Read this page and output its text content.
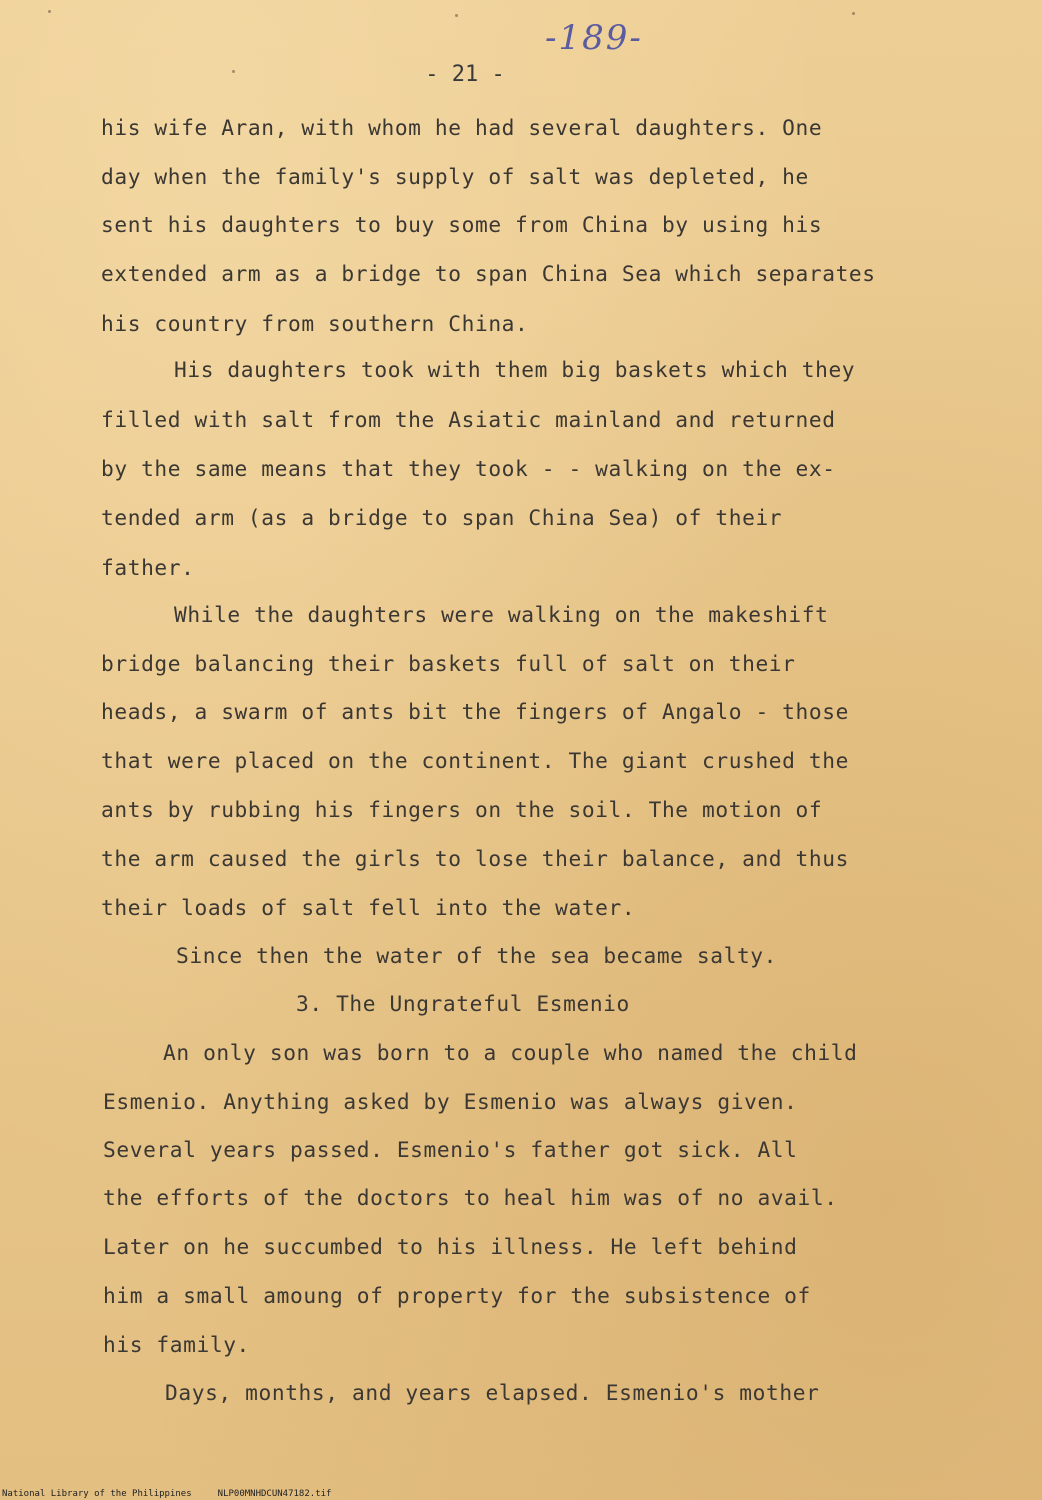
-189-
- 21 -
his wife Aran, with whom he had several daughters. One
day when the family's supply of salt was depleted, he
sent his daughters to buy some from China by using his
extended arm as a bridge to span China Sea which separates
his country from southern China.
His daughters took with them big baskets which they
filled with salt from the Asiatic mainland and returned
by the same means that they took - - walking on the ex-
tended arm (as a bridge to span China Sea) of their
father.
While the daughters were walking on the makeshift
bridge balancing their baskets full of salt on their
heads, a swarm of ants bit the fingers of Angalo - those
that were placed on the continent. The giant crushed the
ants by rubbing his fingers on the soil. The motion of
the arm caused the girls to lose their balance, and thus
their loads of salt fell into the water.
Since then the water of the sea became salty.
3. The Ungrateful Esmenio
An only son was born to a couple who named the child
Esmenio. Anything asked by Esmenio was always given.
Several years passed. Esmenio's father got sick. All
the efforts of the doctors to heal him was of no avail.
Later on he succumbed to his illness. He left behind
him a small amoung of property for the subsistence of
his family.
Days, months, and years elapsed. Esmenio's mother
National Library of the Philippines	NLP00MNHDCUN47182.tif
